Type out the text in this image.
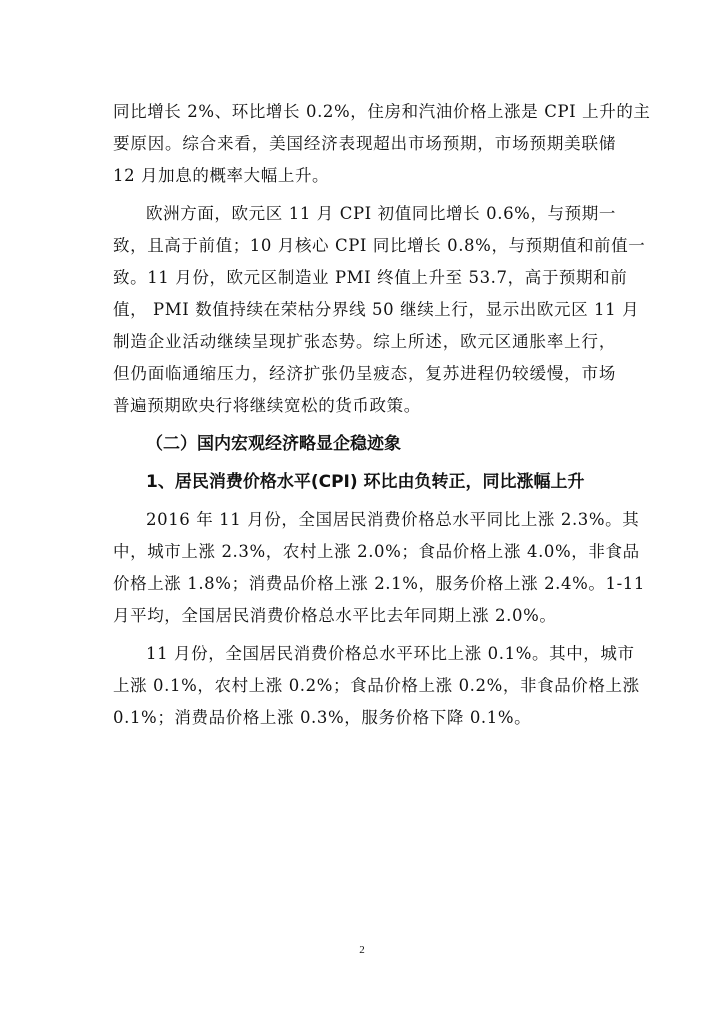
同比增长 2%、环比增长 0.2%，住房和汽油价格上涨是 CPI 上升的主
要原因。综合来看，美国经济表现超出市场预期，市场预期美联储
12 月加息的概率大幅上升。
欧洲方面，欧元区 11 月 CPI 初值同比增长 0.6%，与预期一
致，且高于前值；10 月核心 CPI 同比增长 0.8%，与预期值和前值一
致。11 月份，欧元区制造业 PMI 终值上升至 53.7，高于预期和前
值， PMI 数值持续在荣枯分界线 50 继续上行，显示出欧元区 11 月
制造企业活动继续呈现扩张态势。综上所述，欧元区通胀率上行，
但仍面临通缩压力，经济扩张仍呈疲态，复苏进程仍较缓慢，市场
普遍预期欧央行将继续宽松的货币政策。
（二）国内宏观经济略显企稳迹象
1、居民消费价格水平(CPI) 环比由负转正，同比涨幅上升
2016 年 11 月份，全国居民消费价格总水平同比上涨 2.3%。其
中，城市上涨 2.3%，农村上涨 2.0%；食品价格上涨 4.0%，非食品
价格上涨 1.8%；消费品价格上涨 2.1%，服务价格上涨 2.4%。1-11
月平均，全国居民消费价格总水平比去年同期上涨 2.0%。
11 月份，全国居民消费价格总水平环比上涨 0.1%。其中，城市
上涨 0.1%，农村上涨 0.2%；食品价格上涨 0.2%，非食品价格上涨
0.1%；消费品价格上涨 0.3%，服务价格下降 0.1%。
2
